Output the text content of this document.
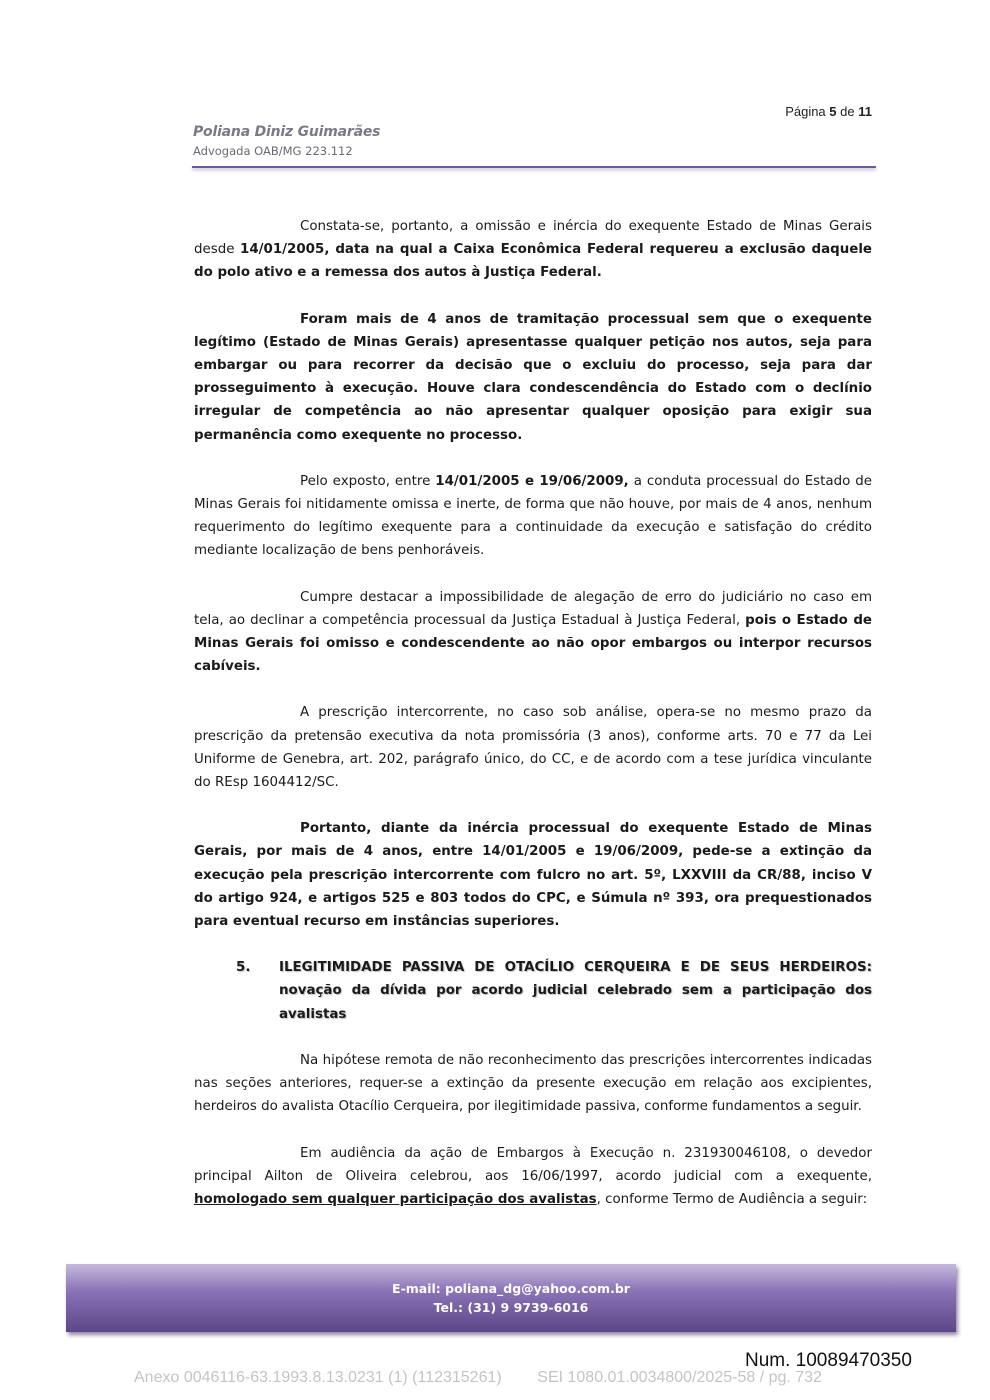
Página 5 de 11
Poliana Diniz Guimarães
Advogada OAB/MG 223.112

Constata-se, portanto, a omissão e inércia do exequente Estado de Minas Gerais desde 14/01/2005, data na qual a Caixa Econômica Federal requereu a exclusão daquele do polo ativo e a remessa dos autos à Justiça Federal.

Foram mais de 4 anos de tramitação processual sem que o exequente legítimo (Estado de Minas Gerais) apresentasse qualquer petição nos autos, seja para embargar ou para recorrer da decisão que o excluiu do processo, seja para dar prosseguimento à execução. Houve clara condescendência do Estado com o declínio irregular de competência ao não apresentar qualquer oposição para exigir sua permanência como exequente no processo.

Pelo exposto, entre 14/01/2005 e 19/06/2009, a conduta processual do Estado de Minas Gerais foi nitidamente omissa e inerte, de forma que não houve, por mais de 4 anos, nenhum requerimento do legítimo exequente para a continuidade da execução e satisfação do crédito mediante localização de bens penhoráveis.

Cumpre destacar a impossibilidade de alegação de erro do judiciário no caso em tela, ao declinar a competência processual da Justiça Estadual à Justiça Federal, pois o Estado de Minas Gerais foi omisso e condescendente ao não opor embargos ou interpor recursos cabíveis.

A prescrição intercorrente, no caso sob análise, opera-se no mesmo prazo da prescrição da pretensão executiva da nota promissória (3 anos), conforme arts. 70 e 77 da Lei Uniforme de Genebra, art. 202, parágrafo único, do CC, e de acordo com a tese jurídica vinculante do REsp 1604412/SC.

Portanto, diante da inércia processual do exequente Estado de Minas Gerais, por mais de 4 anos, entre 14/01/2005 e 19/06/2009, pede-se a extinção da execução pela prescrição intercorrente com fulcro no art. 5º, LXXVIII da CR/88, inciso V do artigo 924, e artigos 525 e 803 todos do CPC, e Súmula nº 393, ora prequestionados para eventual recurso em instâncias superiores.

5. ILEGITIMIDADE PASSIVA DE OTACÍLIO CERQUEIRA E DE SEUS HERDEIROS: novação da dívida por acordo judicial celebrado sem a participação dos avalistas

Na hipótese remota de não reconhecimento das prescrições intercorrentes indicadas nas seções anteriores, requer-se a extinção da presente execução em relação aos excipientes, herdeiros do avalista Otacílio Cerqueira, por ilegitimidade passiva, conforme fundamentos a seguir.

Em audiência da ação de Embargos à Execução n. 231930046108, o devedor principal Ailton de Oliveira celebrou, aos 16/06/1997, acordo judicial com a exequente, homologado sem qualquer participação dos avalistas, conforme Termo de Audiência a seguir:

E-mail: poliana_dg@yahoo.com.br
Tel.: (31) 9 9739-6016
Num. 10089470350
Anexo 0046116-63.1993.8.13.0231 (1) (112315261) SEI 1080.01.0034800/2025-58 / pg. 732
